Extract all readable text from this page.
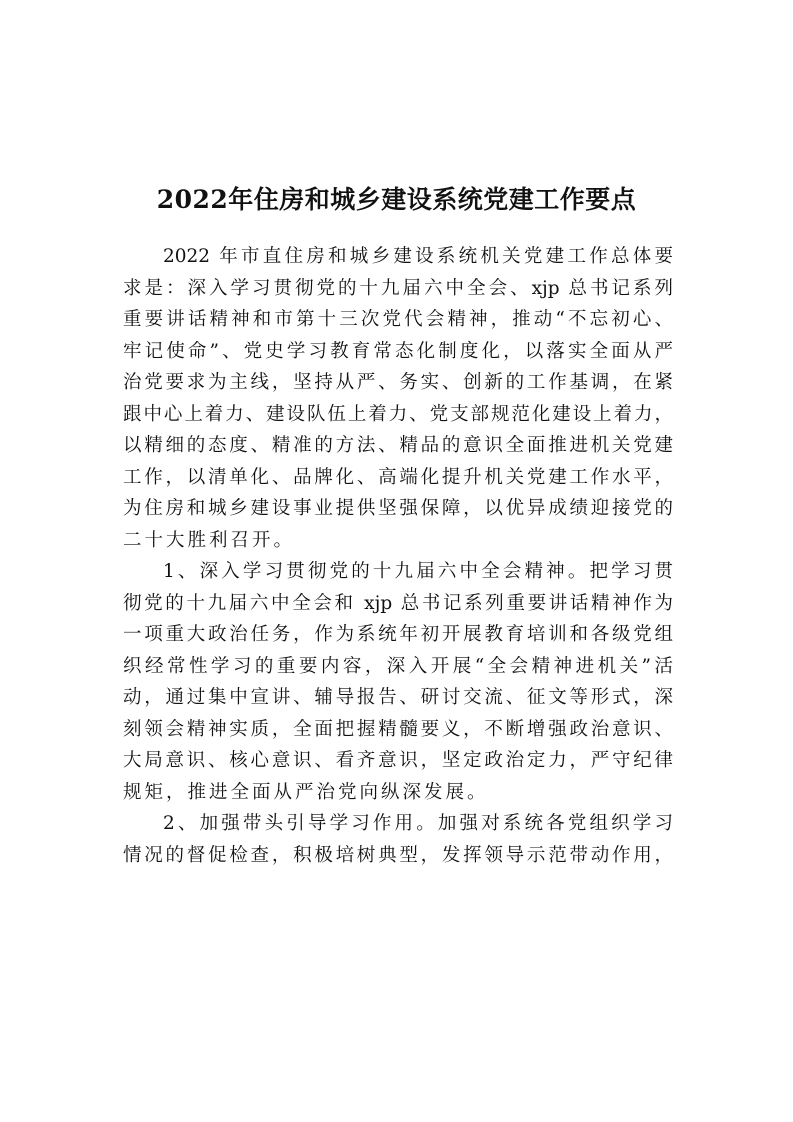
2022年住房和城乡建设系统党建工作要点
2022 年市直住房和城乡建设系统机关党建工作总体要
求是：深入学习贯彻党的十九届六中全会、xjp 总书记系列
重要讲话精神和市第十三次党代会精神，推动“不忘初心、
牢记使命”、党史学习教育常态化制度化，以落实全面从严
治党要求为主线，坚持从严、务实、创新的工作基调，在紧
跟中心上着力、建设队伍上着力、党支部规范化建设上着力，
以精细的态度、精准的方法、精品的意识全面推进机关党建
工作，以清单化、品牌化、高端化提升机关党建工作水平，
为住房和城乡建设事业提供坚强保障，以优异成绩迎接党的
二十大胜利召开。
1、深入学习贯彻党的十九届六中全会精神。把学习贯
彻党的十九届六中全会和 xjp 总书记系列重要讲话精神作为
一项重大政治任务，作为系统年初开展教育培训和各级党组
织经常性学习的重要内容，深入开展“全会精神进机关”活
动，通过集中宣讲、辅导报告、研讨交流、征文等形式，深
刻领会精神实质，全面把握精髓要义，不断增强政治意识、
大局意识、核心意识、看齐意识，坚定政治定力，严守纪律
规矩，推进全面从严治党向纵深发展。
2、加强带头引导学习作用。加强对系统各党组织学习
情况的督促检查，积极培树典型，发挥领导示范带动作用，
